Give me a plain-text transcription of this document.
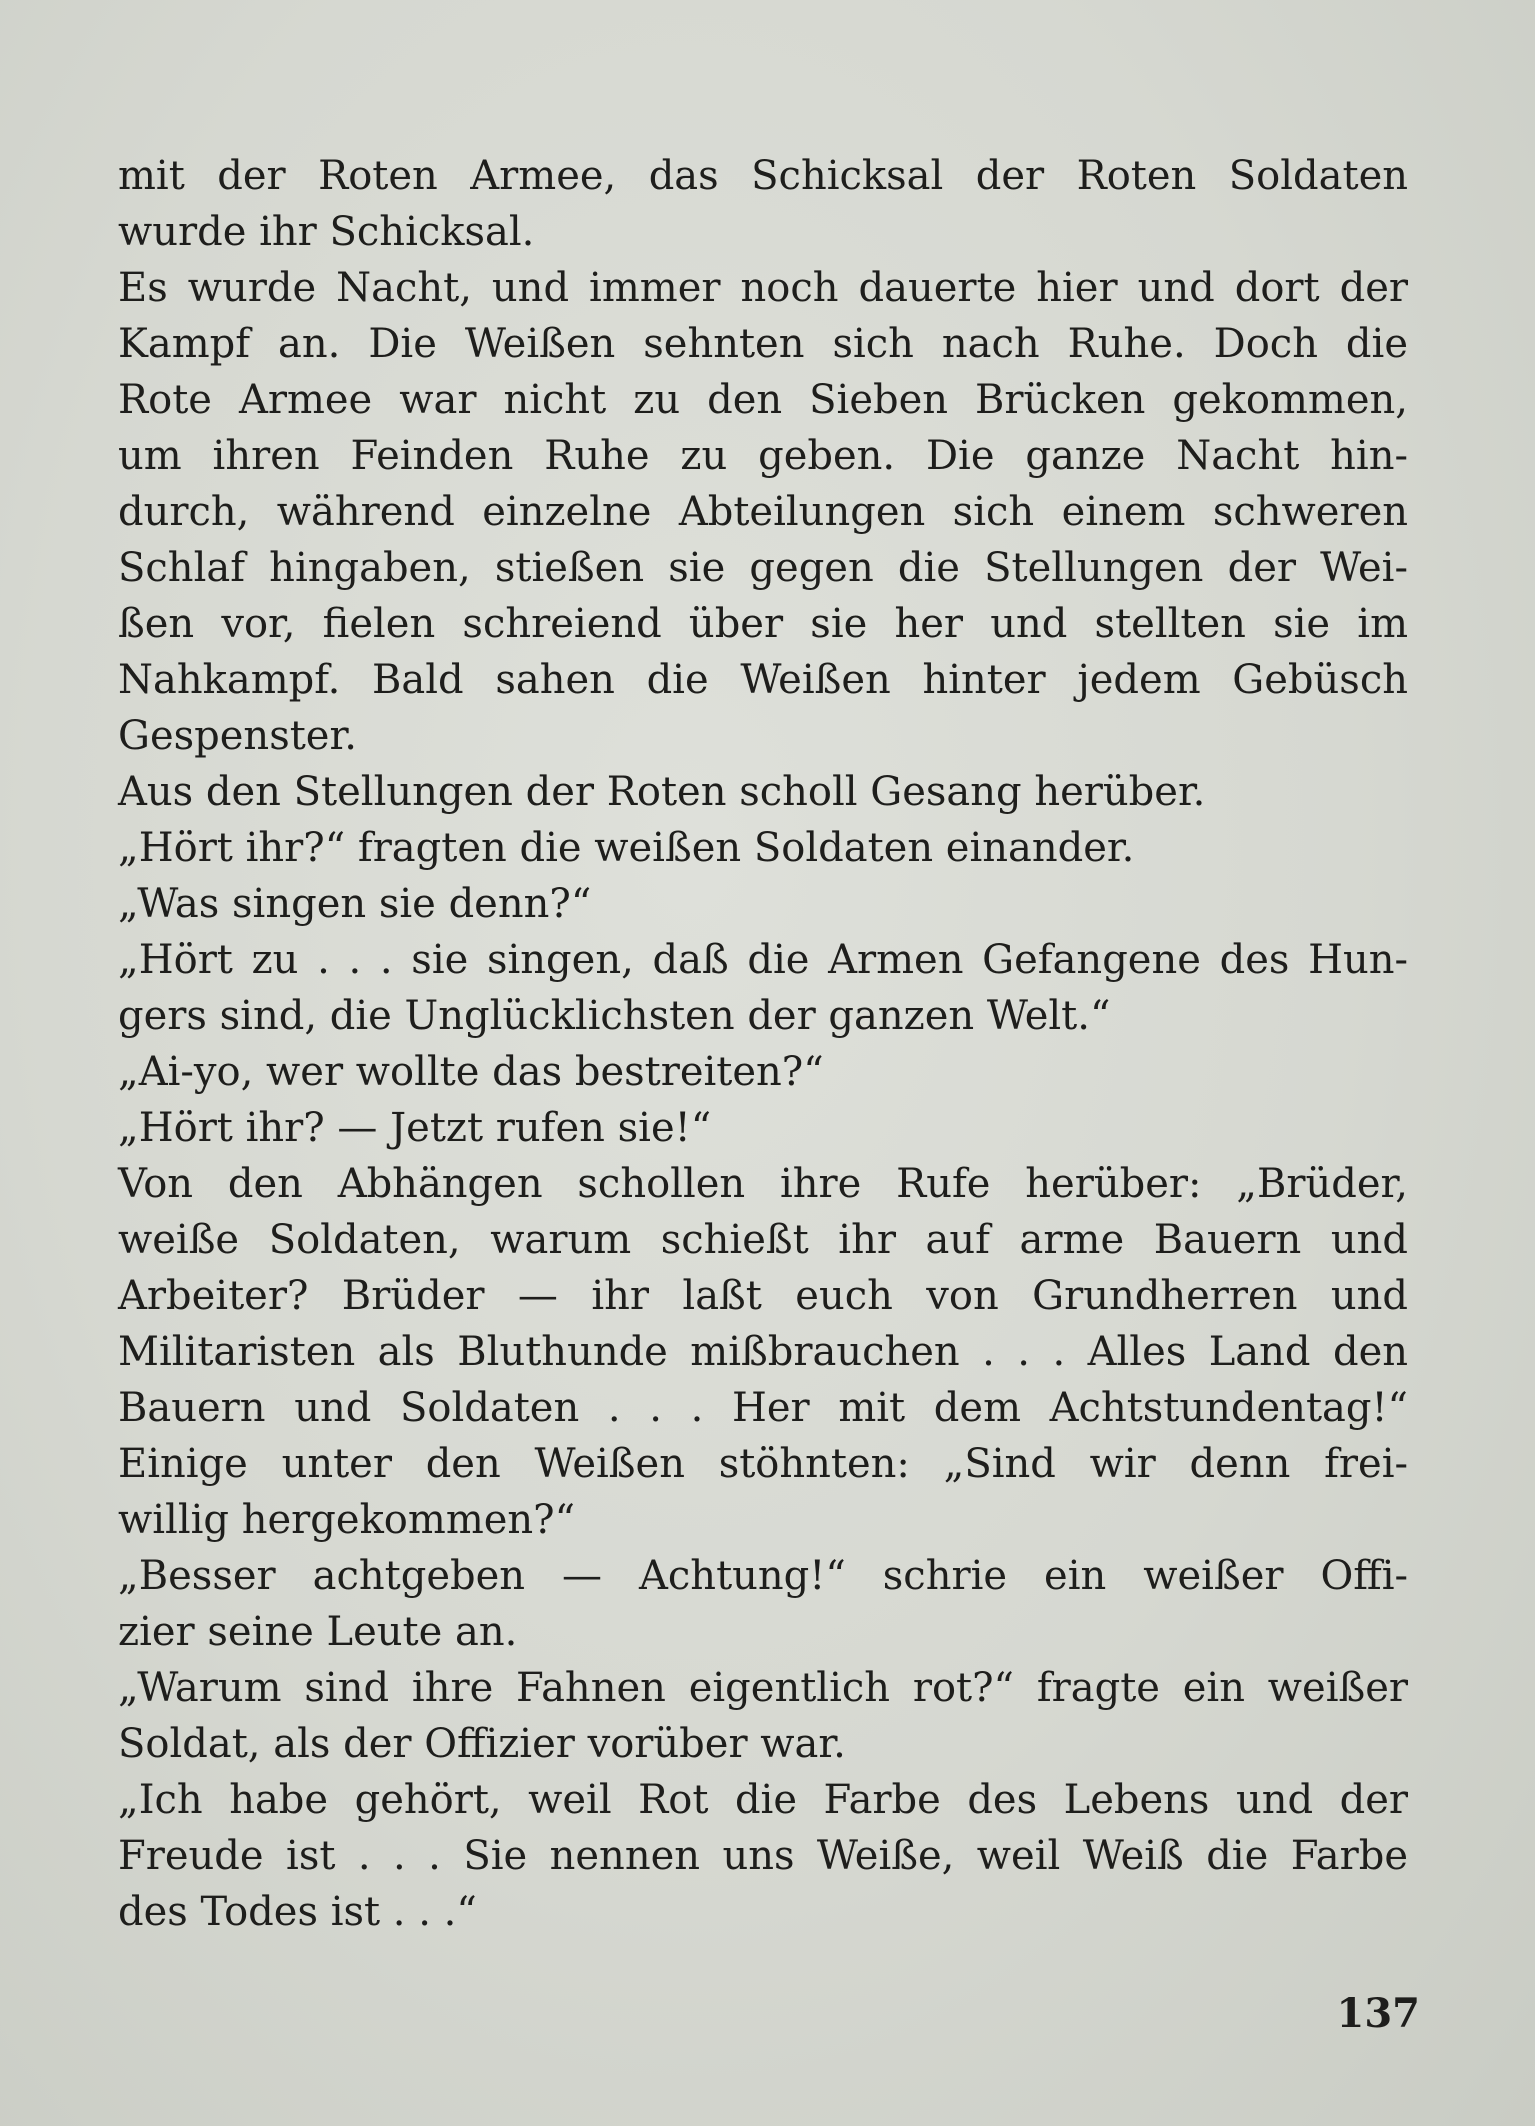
mit der Roten Armee, das Schicksal der Roten Soldaten
wurde ihr Schicksal.
Es wurde Nacht, und immer noch dauerte hier und dort der
Kampf an. Die Weißen sehnten sich nach Ruhe. Doch die
Rote Armee war nicht zu den Sieben Brücken gekommen,
um ihren Feinden Ruhe zu geben. Die ganze Nacht hin-
durch, während einzelne Abteilungen sich einem schweren
Schlaf hingaben, stießen sie gegen die Stellungen der Wei-
ßen vor, fielen schreiend über sie her und stellten sie im
Nahkampf. Bald sahen die Weißen hinter jedem Gebüsch
Gespenster.
Aus den Stellungen der Roten scholl Gesang herüber.
„Hört ihr?“ fragten die weißen Soldaten einander.
„Was singen sie denn?“
„Hört zu . . . sie singen, daß die Armen Gefangene des Hun-
gers sind, die Unglücklichsten der ganzen Welt.“
„Ai-yo, wer wollte das bestreiten?“
„Hört ihr? — Jetzt rufen sie!“
Von den Abhängen schollen ihre Rufe herüber: „Brüder,
weiße Soldaten, warum schießt ihr auf arme Bauern und
Arbeiter? Brüder — ihr laßt euch von Grundherren und
Militaristen als Bluthunde mißbrauchen . . . Alles Land den
Bauern und Soldaten . . . Her mit dem Achtstundentag!“
Einige unter den Weißen stöhnten: „Sind wir denn frei-
willig hergekommen?“
„Besser achtgeben — Achtung!“ schrie ein weißer Offi-
zier seine Leute an.
„Warum sind ihre Fahnen eigentlich rot?“ fragte ein weißer
Soldat, als der Offizier vorüber war.
„Ich habe gehört, weil Rot die Farbe des Lebens und der
Freude ist . . . Sie nennen uns Weiße, weil Weiß die Farbe
des Todes ist . . .“
137
